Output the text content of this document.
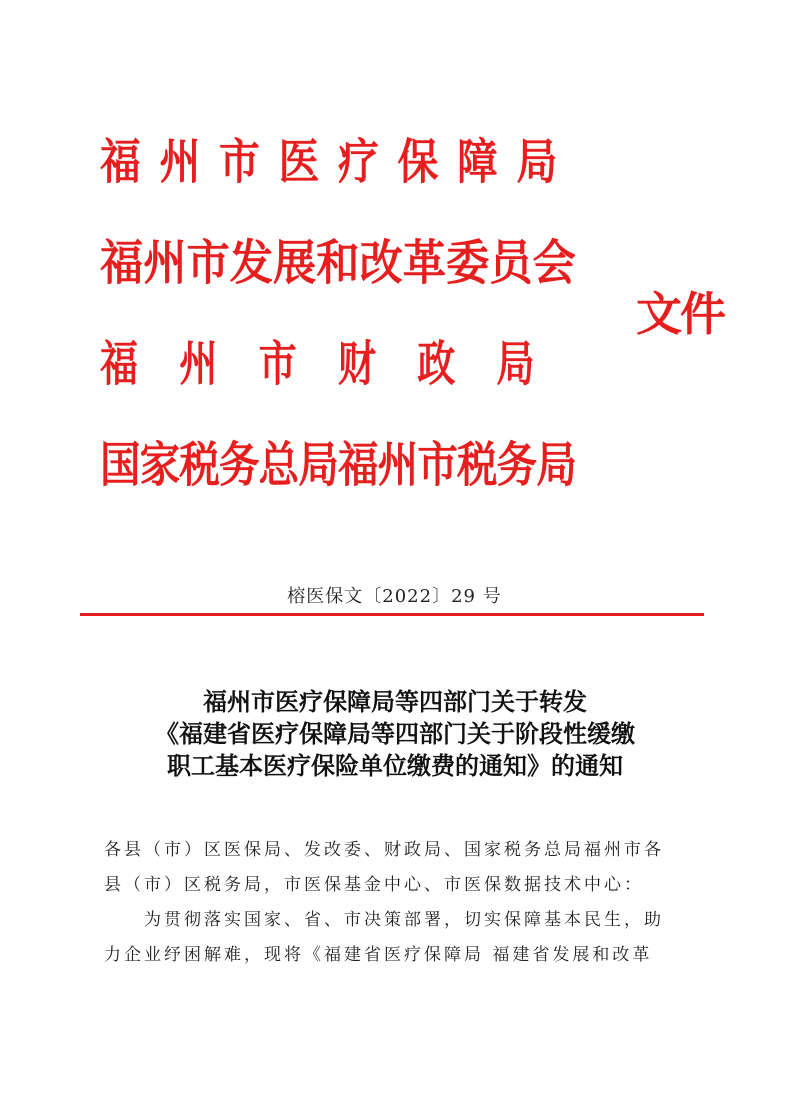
福州市医疗保障局
福州市发展和改革委员会
福州市财政局
国家税务总局福州市税务局
文件
榕医保文〔2022〕29 号
福州市医疗保障局等四部门关于转发
《福建省医疗保障局等四部门关于阶段性缓缴
职工基本医疗保险单位缴费的通知》的通知
各县（市）区医保局、发改委、财政局、国家税务总局福州市各
县（市）区税务局，市医保基金中心、市医保数据技术中心：
为贯彻落实国家、省、市决策部署，切实保障基本民生，助
力企业纾困解难，现将《福建省医疗保障局 福建省发展和改革
